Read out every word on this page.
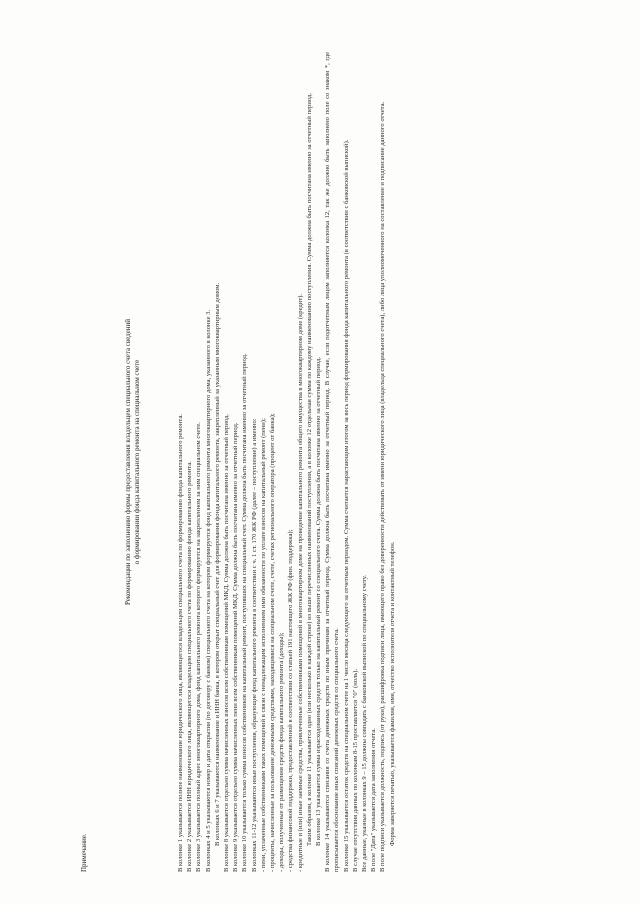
Примечание.
Рекомендации по заполнению формы предоставления владельцем специального счета сведений о формировании фонда капитального ремонта на специальном счете	В колонке 1 указывается полное наименование юридического лица, являющегося владельцем специального счета по формированию фонда капитального ремонта. В колонке 2 указывается ИНН юридического лица, являющегося владельцем специального счета по формированию фонда капитального ремонта. В колонке 3 указывается полный адрес многоквартирного дома, фонд капитального ремонта которого формируется на закрепленном за ним специальном счете. В колонках 4 и 5 указываются номер и дата открытия (по договору с банком) специального счета на котором формируется фонд капитального ремонта многоквартирного дома, указанного в колонке 3. В колонках 6 и 7 указываются наименование и ИНН банка, в котором открыт специальный счет для формирования фонда капитального ремонта, закрепленный за указанным многоквартирным домом. В колонке 8 указывается отдельно сумма начисленных взносов всем собственникам помещений МКД. Сумма должна быть посчитана именно за отчетный период. В колонке 9 указывается отдельно сумма начисленных пени всем собственникам помещений МКД. Сумма должна быть посчитана именно за отчетный период. В колонке 10 указывается только сумма взносов собственников на капитальный ремонт, поступивших на специальный счет. Сумма должна быть посчитана именно за отчетный период. В колонках 11-12 указываются иные поступления, образующие фонд капитального ремонта в соответствии с ч. 1 ст. 170 ЖК РФ (далее – поступление) а именно: - пени, уплаченные собственниками таких помещений в связи с ненадлежащим исполнением ими обязанности по уплате взносов на капитальный ремонт (пени); - проценты, начисленные за пользование денежными средствами, находящимися на специальном счете, счете, счетах регионального оператора (процент от банка); - доходы, полученные от размещения средств фонда капитального ремонта (доходы); - средства финансовой поддержки, предоставленной в соответствии со статьей 191 настоящего ЖК РФ (фин. поддержка); - кредитные и (или) иные заемные средства, привлеченные собственниками помещений в многоквартирном доме на проведение капитального ремонта общего имущества в многоквартирном доме (кредит). Таким образом, в колонке 11 указывается одно (или несколько в каждой строке) из выше перечисленных наименований поступления, а в колонке 12 отдельная сумма по каждому наименованию поступления. Сумма должна быть посчитана именно за отчетный период. В колонке 13 указывается сумма израсходованных средств только на капитальный ремонт со специального счета. Сумма должна быть посчитана именно за отчетный период. В колонке 14 указываются списания со счета денежных средств по иным причинам за отчетный период. Сумма должна быть посчитана именно за отчетный период. В случае, если подотчетным лицом заполняется колонка 12, так же должно быть заполнено поле со знаком *, где прописывается обоснование иных списаний денежных средств со специального счета. В колонке 15 указывается остаток средств на специальном счете на 1 число месяца следующего за отчетным периодом. Сумма считается нарастающим итогом за весь период формирования фонда капитального ремонта (в соответствии с банковской выпиской). В случае отсутствия данных по колонкам 8-15 проставляется "0" (ноль). Все данные, указные в колонках 9 – 15 должны совпадать с банковской выпиской по специальному счету. В поле "Дата" указывается дата заполнения отчета. В поле подписи указывается должность, подпись (от руки), расшифровка подписи лица, имеющего право без доверенности действовать от имени юридического лица (владельца специального счета), либо лица уполномоченного на составление и подписание данного отчета. Форма заверяется печатью, указывается фамилия, имя, отчество исполнителя отчета и контактный телефон.
